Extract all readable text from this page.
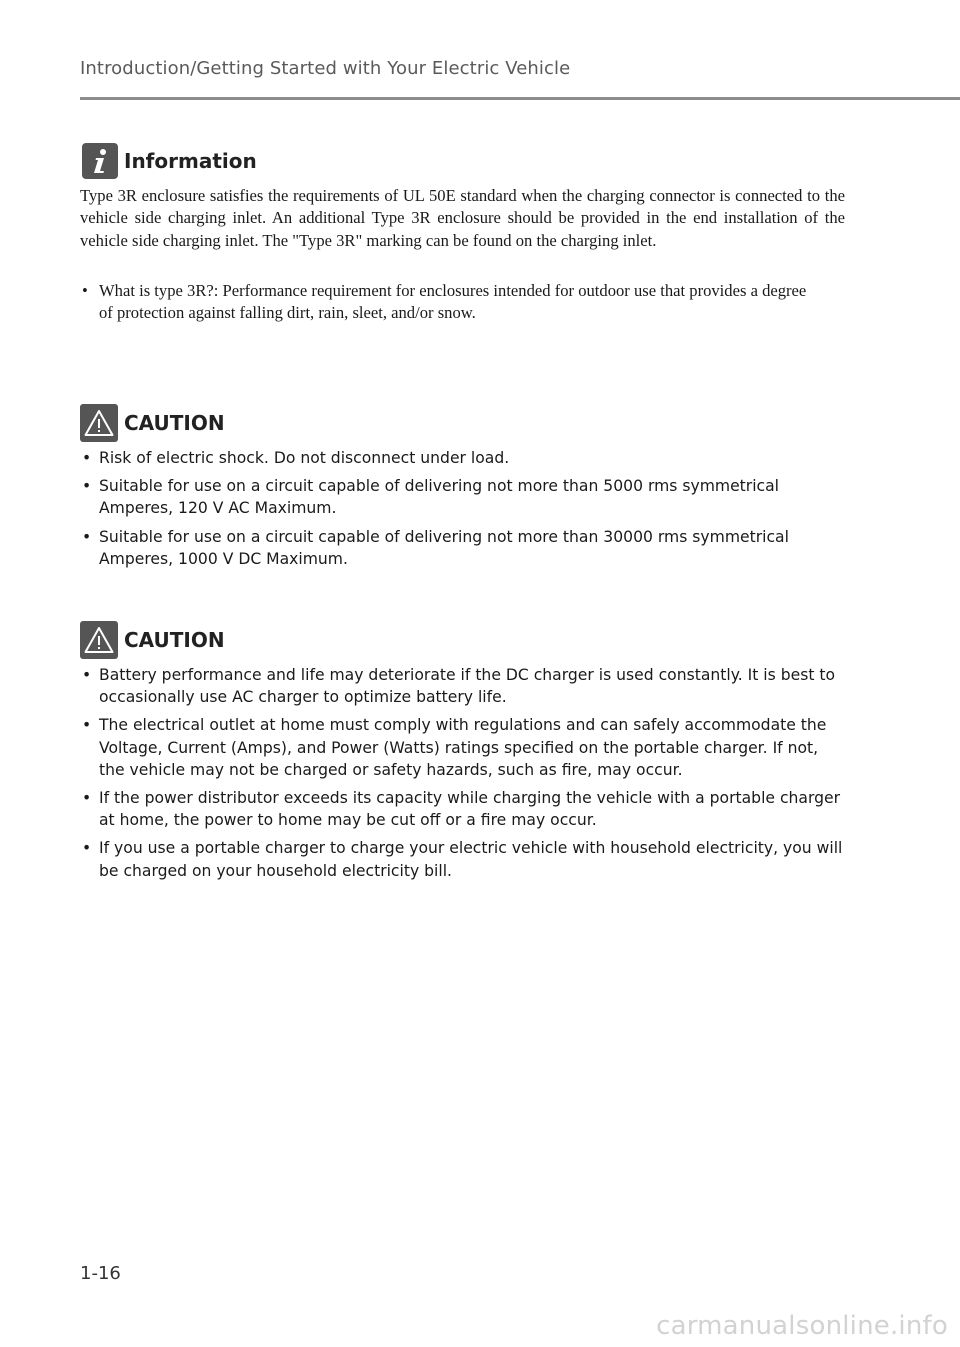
Introduction/Getting Started with Your Electric Vehicle
Information

Type 3R enclosure satisfies the requirements of UL 50E standard when the charging connector is connected to the vehicle side charging inlet. An additional Type 3R enclosure should be provided in the end installation of the vehicle side charging inlet. The "Type 3R" marking can be found on the charging inlet.

• What is type 3R?: Performance requirement for enclosures intended for outdoor use that provides a degree of protection against falling dirt, rain, sleet, and/or snow.
CAUTION
• Risk of electric shock. Do not disconnect under load.
• Suitable for use on a circuit capable of delivering not more than 5000 rms symmetrical Amperes, 120 V AC Maximum.
• Suitable for use on a circuit capable of delivering not more than 30000 rms symmetrical Amperes, 1000 V DC Maximum.
CAUTION
• Battery performance and life may deteriorate if the DC charger is used constantly. It is best to occasionally use AC charger to optimize battery life.
• The electrical outlet at home must comply with regulations and can safely accommodate the Voltage, Current (Amps), and Power (Watts) ratings specified on the portable charger. If not, the vehicle may not be charged or safety hazards, such as fire, may occur.
• If the power distributor exceeds its capacity while charging the vehicle with a portable charger at home, the power to home may be cut off or a fire may occur.
• If you use a portable charger to charge your electric vehicle with household electricity, you will be charged on your household electricity bill.
1-16
carmanualsonline.info
